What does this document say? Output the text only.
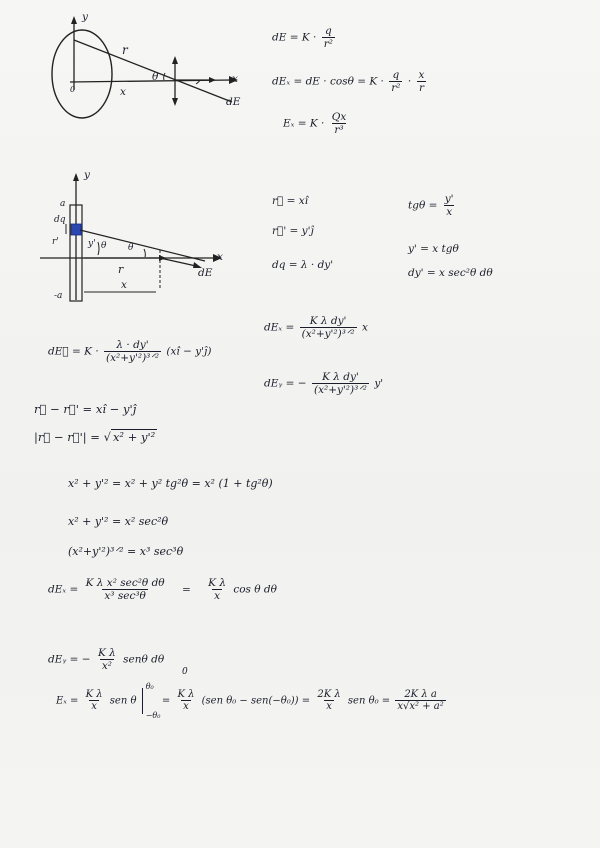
y
x
r
θ
dE
0	x
y
x
a
dq
r'	y' θ θ
r
x
dE
-a
dE = $K \cdot \frac{q}{\text{r²}}$
dEₓ = dE · $\cos\theta = K \cdot \frac{q}{\text{r²}} \cdot \frac{x}{r}$
$E_x = K \cdot \frac{Qx}{\text{r³}}$
r⃗ = xî
r⃗' = y'ĵ
dq = λ · dy'
$tg\theta = \frac{y'}{x}$
y' = x tgθ
dy' = x sec²θ dθ
$dE_x = \frac{\text{K λ dy'}}{\text{(x²+y'²)³ᐟ²}}$ x
dE⃗ = $K \cdot \frac{\lambda \cdot dy'}{\text{(x²+y'²)³ᐟ²}}$ (xî − y'ĵ)
dEᵧ = − $\frac{\text{K λ dy'}}{\text{(x²+y'²)³ᐟ²}} y'$
r⃗ − r⃗' = xî − y'ĵ
|r⃗ − r⃗'| = √ x² + y'²
x² + y'² = x² + y² tg²θ = x² (1 + tg²θ)
x² + y'² = x² sec²θ
(x²+y'²)³ᐟ² = x³ sec³θ
$dE_x = \frac{\text{K λ x² sec²θ dθ}}{\text{x³ sec³θ}} = \frac{\text{K λ}}{x}$ cos θ dθ
dEᵧ = − $\frac{\text{K λ}}{\text{x²}}$ senθ dθ
0
$E_x = \frac{\text{K λ}}{x}$ sen θ
θ₀
−θ₀
= $\frac{\text{K λ}}{x} (sen$ $\theta_0 - sen(-\theta_0)) = \frac{\text{2K λ}}{x}$ sen $\theta_0 = \frac{\text{2K λ a}}{\text{x√x² + a²}}$
